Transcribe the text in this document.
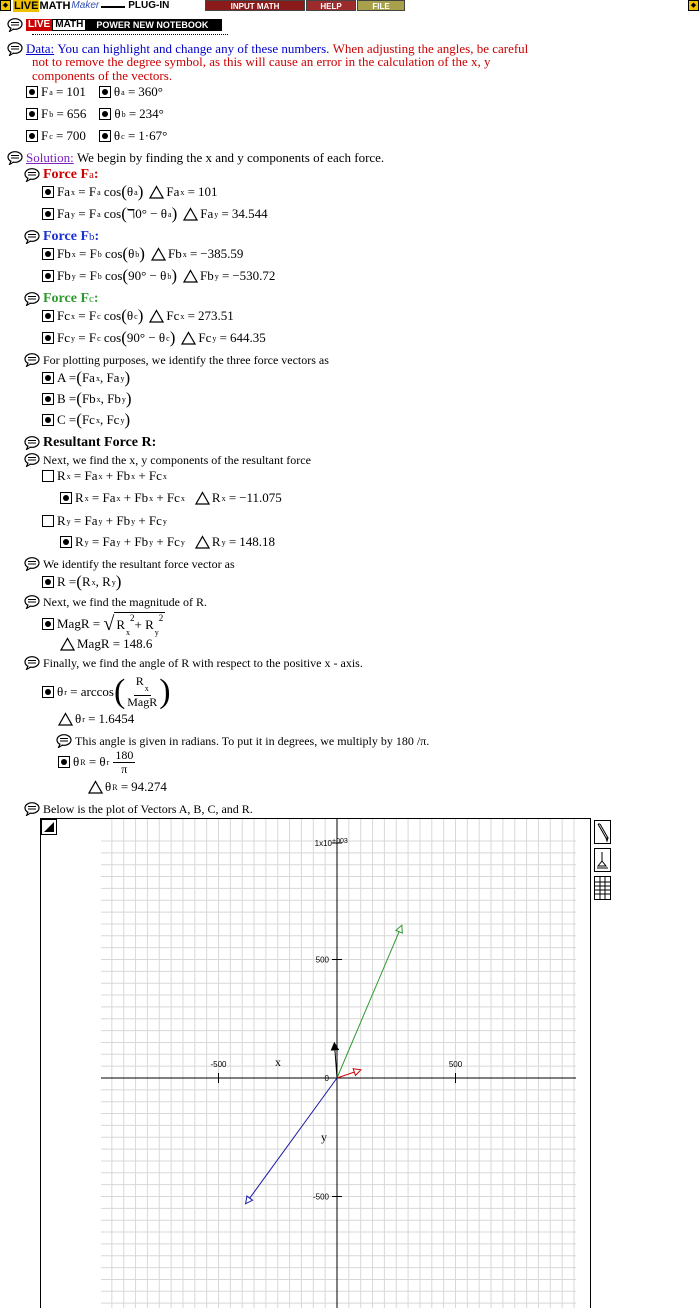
◆ LIVE MATH Maker	PLUG-IN	INPUT MATH	HELP	FILE	◆
LIVE MATH	POWER NEW NOTEBOOK
Data:
You can highlight and change any of these numbers.
When adjusting the angles, be careful
not to remove the degree symbol, as this will cause an error in the calculation of the x, y
components of the vectors.
F a = 101 θ a = 360 °
F b = 656 θ b = 234 °
F c = 700 θ c = 1·67 °
Solution:
We begin by finding the x and y components of each force.
Force Fa:
Fa x = F a cos ( θ a ) Fa x = 101
Fa y = F a cos ( ℸ0 ° − θ a ) Fa y = 34.544
Force Fb:
Fb x = F b cos ( θ b ) Fb x = −385.59
Fb y = F b cos ( 90 ° − θ b ) Fb y = −530.72
Force Fc:
Fc x = F c cos ( θ c ) Fc x = 273.51
Fc y = F c cos ( 90 ° − θ c ) Fc y = 644.35
For plotting purposes, we identify the three force vectors as
A = ( Fa x , Fa y )
B = ( Fb x , Fb y )
C = ( Fc x , Fc y )
Resultant Force R:
Next, we find the x, y components of the resultant force
R x = Fa x + Fb x + Fc x
R x = Fa x + Fb x + Fc x R x = −11.075
R y = Fa y + Fb y + Fc y
R y = Fa y + Fb y + Fc y R y = 148.18
We identify the resultant force vector as
R = ( R x , R y )
Next, we find the magnitude of R.
MagR = √ $R_x^2+ R_y^2$
MagR = 148.6
Finally, we find the angle of R with respect to the positive x - axis.
θ r = arccos ( $\frac{R_x}{\text{MagR}}$ )
θ r = 1.6454
This angle is given in radians. To put it in degrees, we multiply by 180 /π.
θ R = θ r $\frac{180}{\pi}$
θ R = 94.274
Below is the plot of Vectors A, B, C, and R.
-500	500
500
0
-500
1x10 +003
x
y
